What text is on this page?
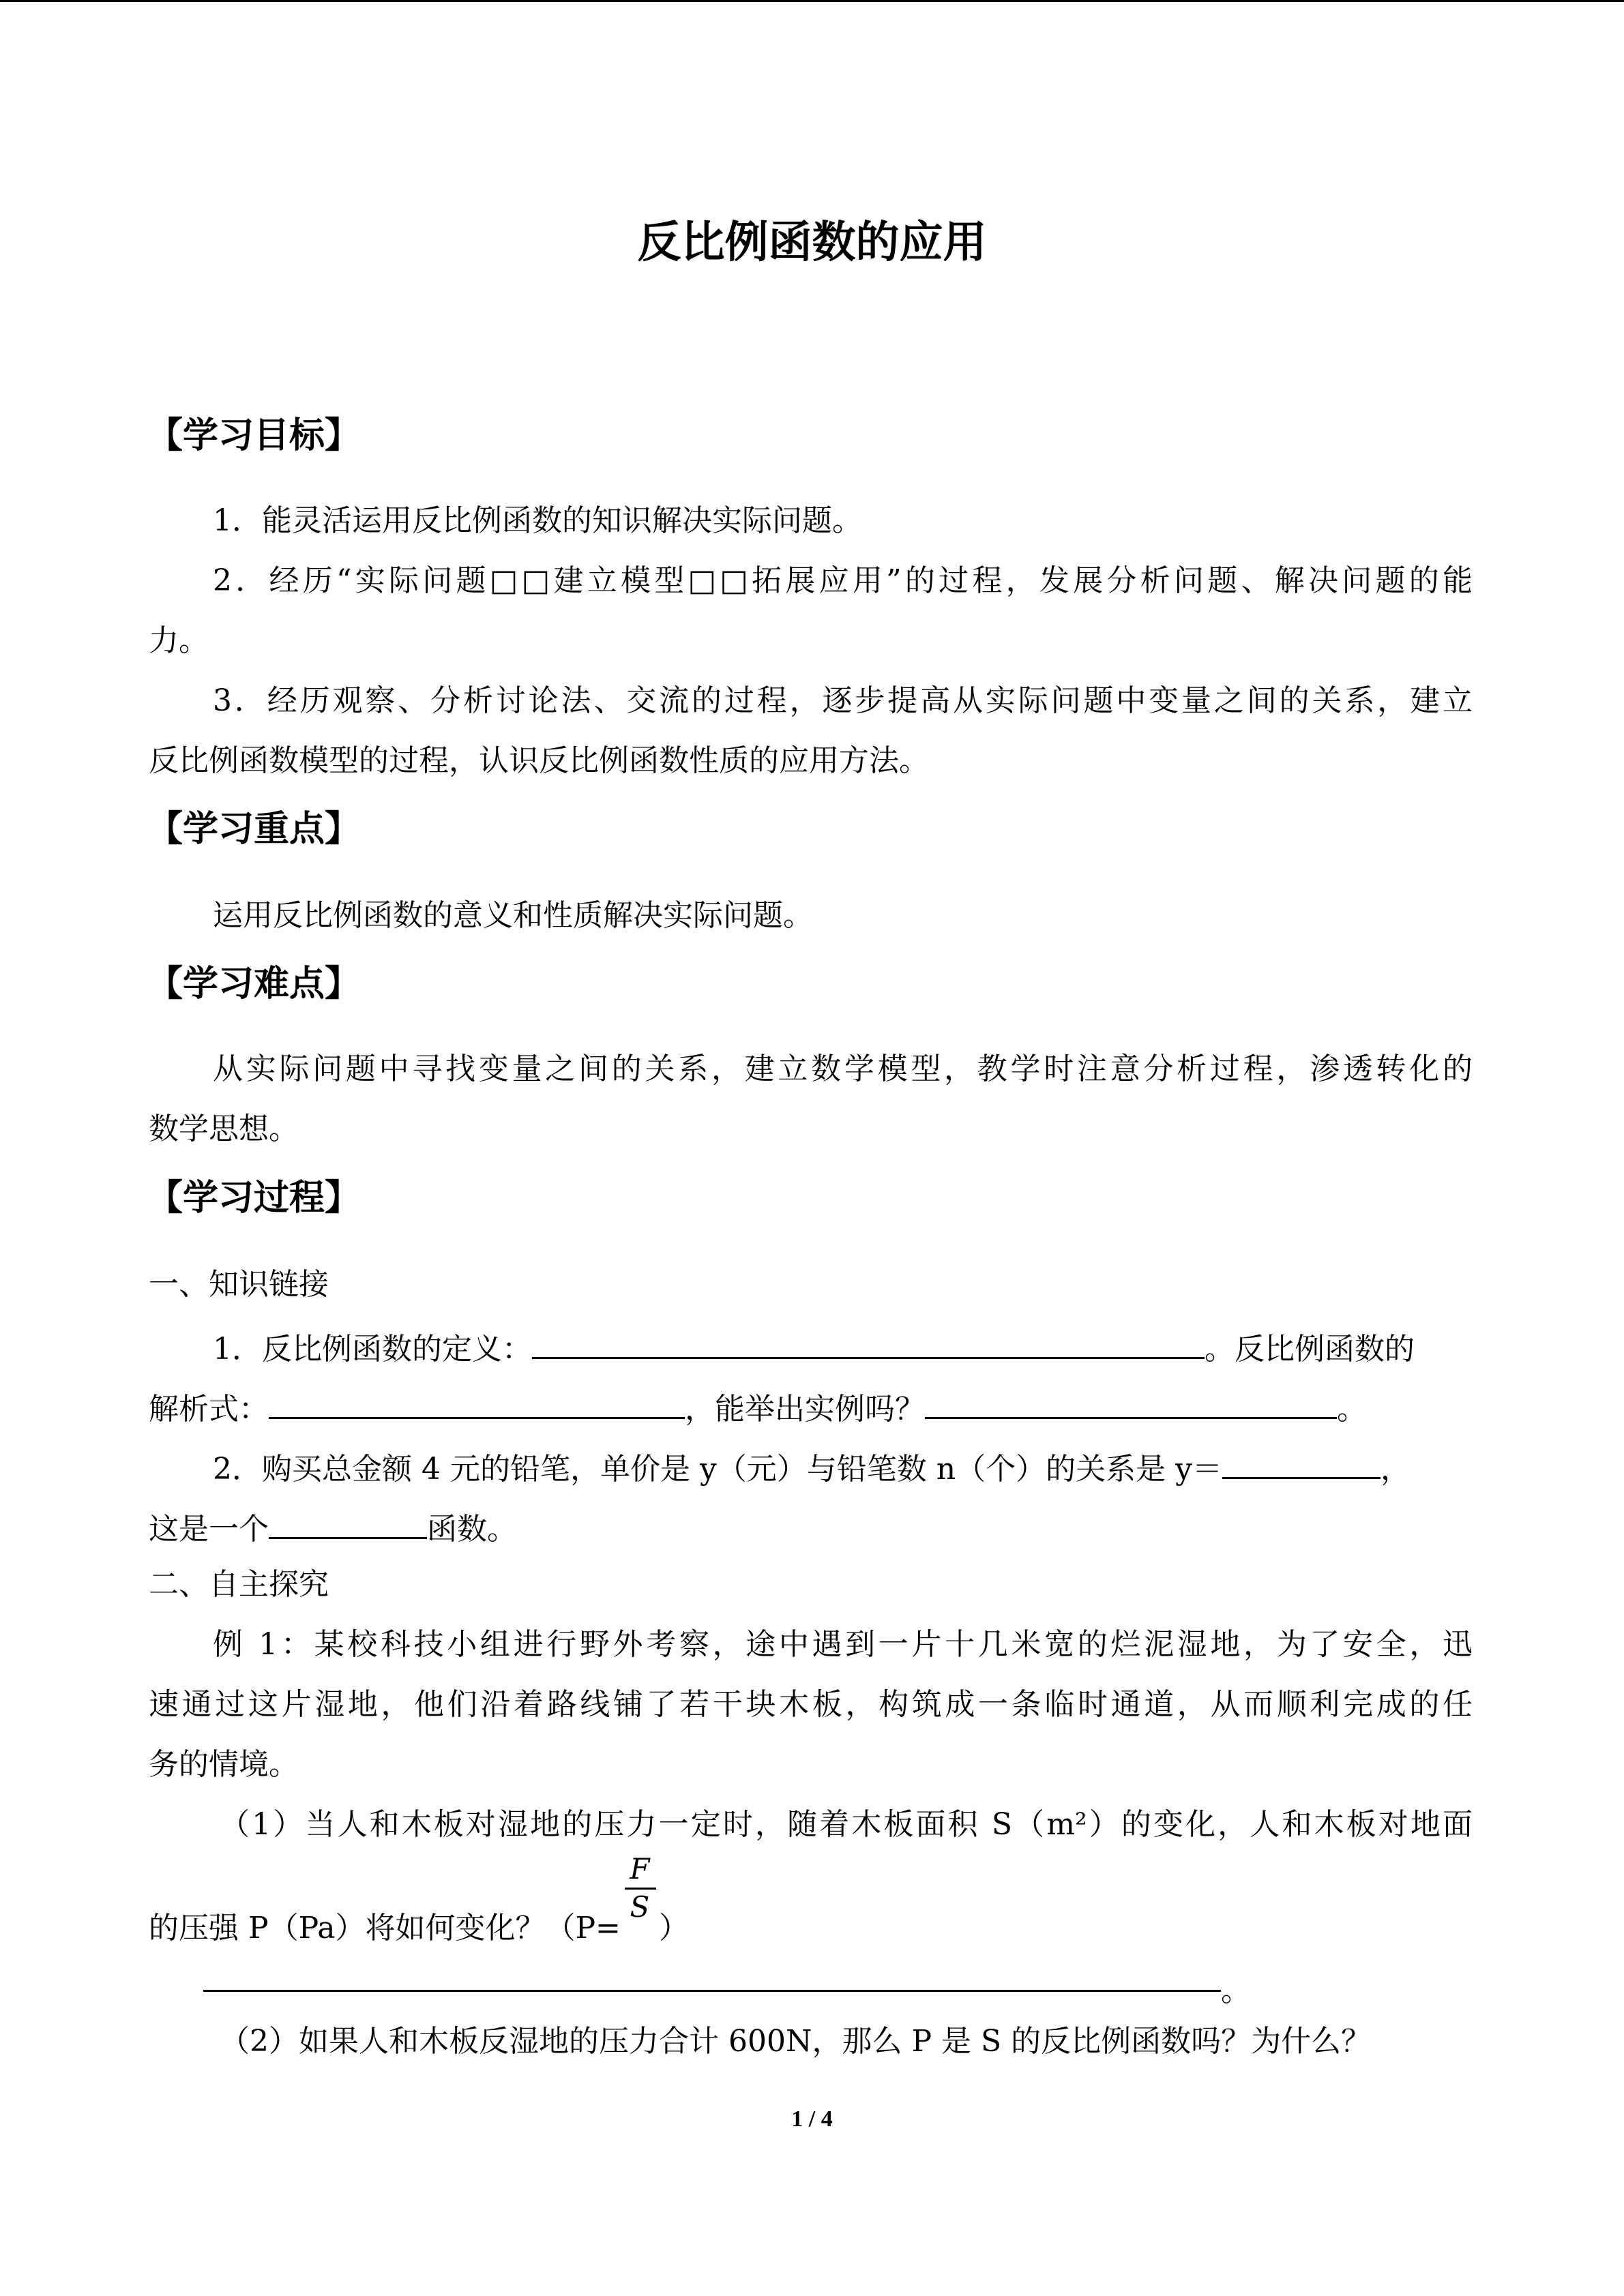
反比例函数的应用
【学习目标】
1．能灵活运用反比例函数的知识解决实际问题。
2．经历“实际问题□□建立模型□□拓展应用”的过程，发展分析问题、解决问题的能
力。
3．经历观察、分析讨论法、交流的过程，逐步提高从实际问题中变量之间的关系，建立
反比例函数模型的过程，认识反比例函数性质的应用方法。
【学习重点】
运用反比例函数的意义和性质解决实际问题。
【学习难点】
从实际问题中寻找变量之间的关系，建立数学模型，教学时注意分析过程，渗透转化的
数学思想。
【学习过程】
一、知识链接
1．反比例函数的定义：	。反比例函数的
解析式：	，能举出实例吗？	。
2．购买总金额 4 元的铅笔，单价是 y（元）与铅笔数 n（个）的关系是 y＝	，
这是一个	函数。
二、自主探究
例 1：某校科技小组进行野外考察，途中遇到一片十几米宽的烂泥湿地，为了安全，迅
速通过这片湿地，他们沿着路线铺了若干块木板，构筑成一条临时通道，从而顺利完成的任
务的情境。
（1）当人和木板对湿地的压力一定时，随着木板面积 S（m²）的变化，人和木板对地面
的压强 P（Pa）将如何变化？（$P= \frac{F}{S}$ ）
。
（2）如果人和木板反湿地的压力合计 600N，那么 P 是 S 的反比例函数吗？为什么？
1 / 4
